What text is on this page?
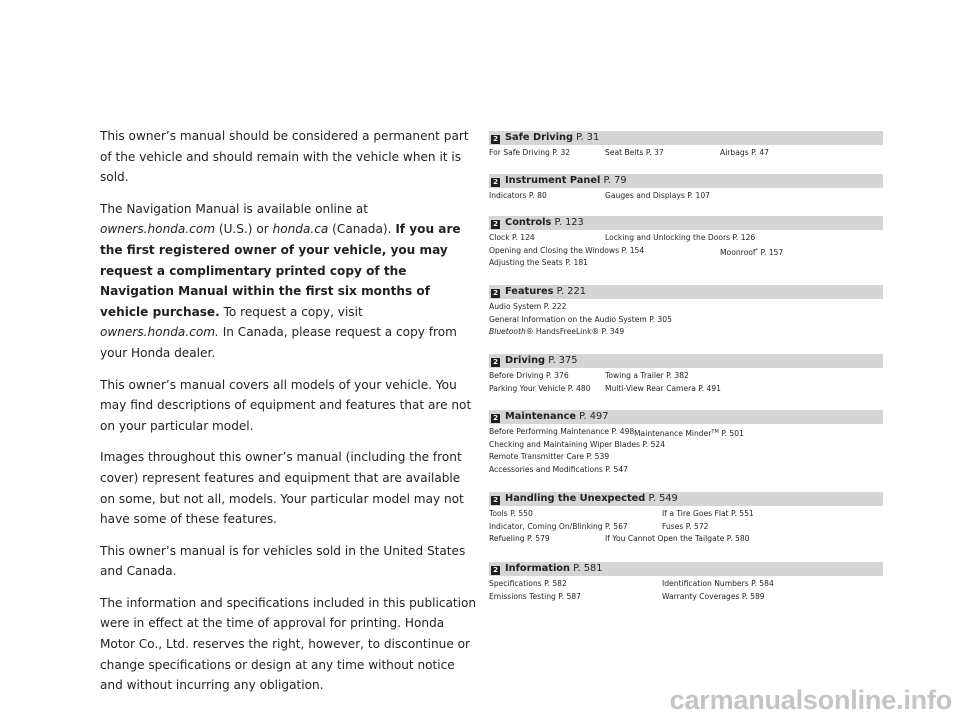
This owner’s manual should be considered a permanent part of the vehicle and should remain with the vehicle when it is sold.

The Navigation Manual is available online at owners.honda.com (U.S.) or honda.ca (Canada). If you are the first registered owner of your vehicle, you may request a complimentary printed copy of the Navigation Manual within the first six months of vehicle purchase. To request a copy, visit owners.honda.com. In Canada, please request a copy from your Honda dealer.

This owner’s manual covers all models of your vehicle. You may find descriptions of equipment and features that are not on your particular model.

Images throughout this owner’s manual (including the front cover) represent features and equipment that are available on some, but not all, models. Your particular model may not have some of these features.

This owner’s manual is for vehicles sold in the United States and Canada.

The information and specifications included in this publication were in effect at the time of approval for printing. Honda Motor Co., Ltd. reserves the right, however, to discontinue or change specifications or design at any time without notice and without incurring any obligation.

2 Safe Driving P. 31
For Safe Driving P. 32	Seat Belts P. 37	Airbags P. 47
2 Instrument Panel P. 79
Indicators P. 80	Gauges and Displays P. 107
2 Controls P. 123
Clock P. 124	Locking and Unlocking the Doors P. 126
Opening and Closing the Windows P. 154	Moonroof* P. 157
Adjusting the Seats P. 181
2 Features P. 221
Audio System P. 222
General Information on the Audio System P. 305
Bluetooth® HandsFreeLink® P. 349
2 Driving P. 375
Before Driving P. 376	Towing a Trailer P. 382
Parking Your Vehicle P. 480 Multi-View Rear Camera P. 491
2 Maintenance P. 497
Before Performing Maintenance P. 498 Maintenance Minder™ P. 501
Checking and Maintaining Wiper Blades P. 524
Remote Transmitter Care P. 539
Accessories and Modifications P. 547
2 Handling the Unexpected P. 549
Tools P. 550	If a Tire Goes Flat P. 551
Indicator, Coming On/Blinking P. 567	Fuses P. 572
Refueling P. 579	If You Cannot Open the Tailgate P. 580
2 Information P. 581
Specifications P. 582	Identification Numbers P. 584
Emissions Testing P. 587	Warranty Coverages P. 589
carmanualsonline.info
